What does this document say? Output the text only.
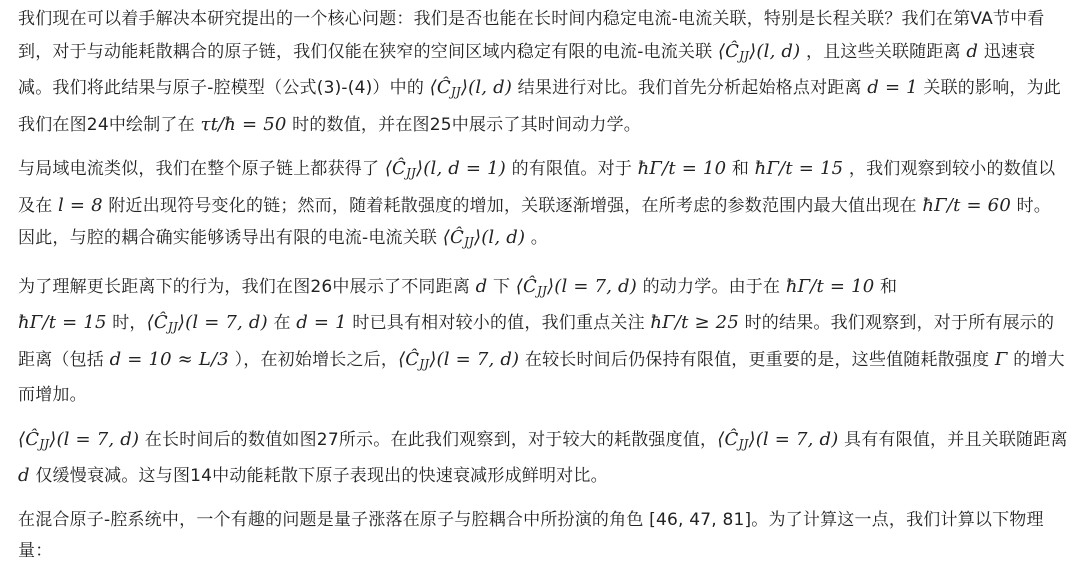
我们现在可以着手解决本研究提出的一个核心问题：我们是否也能在长时间内稳定电流-电流关联，特别是长程关联？我们在第VA节中看到，对于与动能耗散耦合的原子链，我们仅能在狭窄的空间区域内稳定有限的电流-电流关联 $⟨Ĉ_{JJ}⟩(l$, d) ，且这些关联随距离 d 迅速衰减。我们将此结果与原子-腔模型（公式(3)-(4)）中的 $⟨Ĉ_{JJ}⟩(l$, d) 结果进行对比。我们首先分析起始格点对距离 d = 1 关联的影响，为此我们在图24中绘制了在 τt/ħ = 50 时的数值，并在图25中展示了其时间动力学。

与局域电流类似，我们在整个原子链上都获得了 $⟨Ĉ_{JJ}⟩(l$, d = 1) 的有限值。对于 ħΓ/t = 10 和 ħΓ/t = 15 ，我们观察到较小的数值以及在 l = 8 附近出现符号变化的链；然而，随着耗散强度的增加，关联逐渐增强，在所考虑的参数范围内最大值出现在 ħΓ/t = 60 时。因此，与腔的耦合确实能够诱导出有限的电流-电流关联 $⟨Ĉ_{JJ}⟩(l$, d) 。

为了理解更长距离下的行为，我们在图26中展示了不同距离 d 下 $⟨Ĉ_{JJ}⟩(l = 7$, d) 的动力学。由于在 ħΓ/t = 10 和
ħΓ/t = 15 时，$⟨Ĉ_{JJ}⟩(l = 7$, d) 在 d = 1 时已具有相对较小的值，我们重点关注 ħΓ/t ≥ 25 时的结果。我们观察到，对于所有展示的距离（包括 d = 10 ≈ L/3 ），在初始增长之后，$⟨Ĉ_{JJ}⟩(l = 7$, d) 在较长时间后仍保持有限值，更重要的是，这些值随耗散强度 Γ 的增大而增加。

$⟨Ĉ_{JJ}⟩(l = 7$, d) 在长时间后的数值如图27所示。在此我们观察到，对于较大的耗散强度值，$⟨Ĉ_{JJ}⟩(l = 7$, d) 具有有限值，并且关联随距离 d 仅缓慢衰减。这与图14中动能耗散下原子表现出的快速衰减形成鲜明对比。

在混合原子-腔系统中，一个有趣的问题是量子涨落在原子与腔耦合中所扮演的角色 [46, 47, 81]。为了计算这一点，我们计算以下物理量：
